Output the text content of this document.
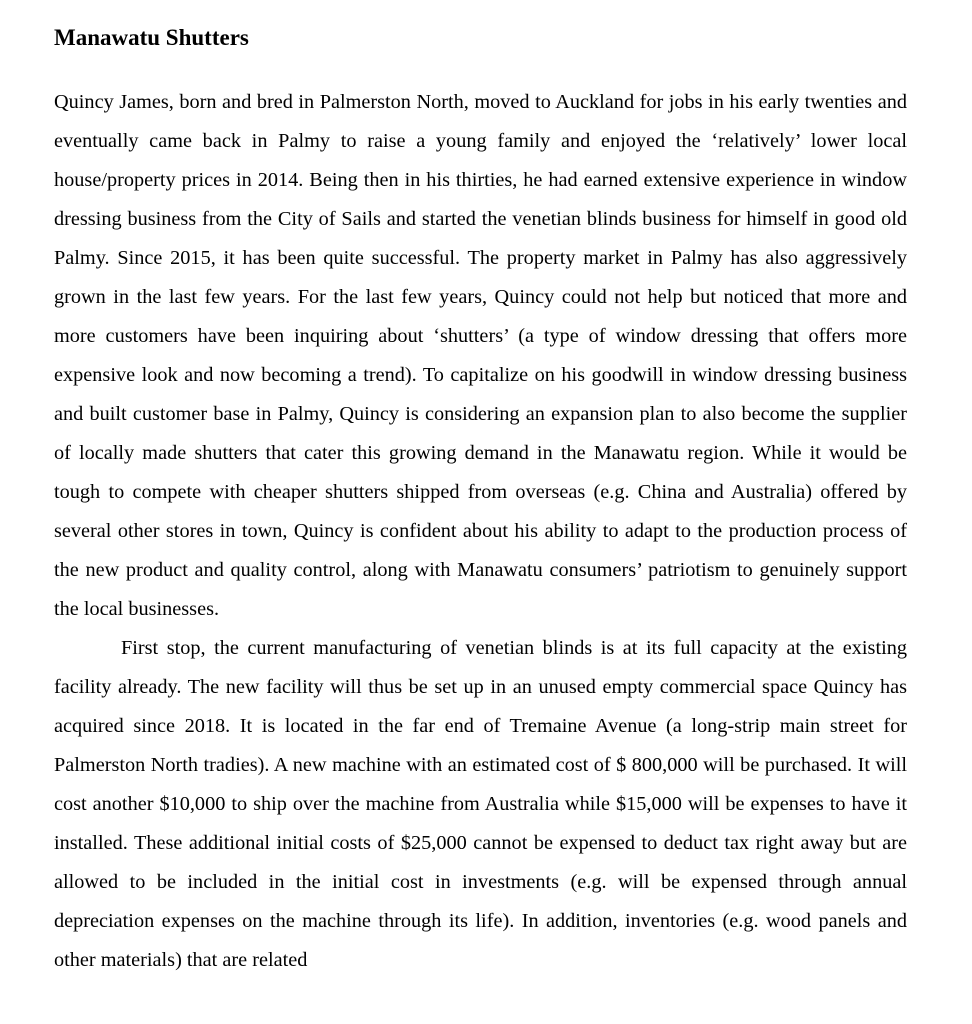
Manawatu Shutters

Quincy James, born and bred in Palmerston North, moved to Auckland for jobs in his early twenties and eventually came back in Palmy to raise a young family and enjoyed the ‘relatively’ lower local house/property prices in 2014. Being then in his thirties, he had earned extensive experience in window dressing business from the City of Sails and started the venetian blinds business for himself in good old Palmy. Since 2015, it has been quite successful. The property market in Palmy has also aggressively grown in the last few years. For the last few years, Quincy could not help but noticed that more and more customers have been inquiring about ‘shutters’ (a type of window dressing that offers more expensive look and now becoming a trend). To capitalize on his goodwill in window dressing business and built customer base in Palmy, Quincy is considering an expansion plan to also become the supplier of locally made shutters that cater this growing demand in the Manawatu region. While it would be tough to compete with cheaper shutters shipped from overseas (e.g. China and Australia) offered by several other stores in town, Quincy is confident about his ability to adapt to the production process of the new product and quality control, along with Manawatu consumers’ patriotism to genuinely support the local businesses.

First stop, the current manufacturing of venetian blinds is at its full capacity at the existing facility already. The new facility will thus be set up in an unused empty commercial space Quincy has acquired since 2018. It is located in the far end of Tremaine Avenue (a long-strip main street for Palmerston North tradies). A new machine with an estimated cost of $ 800,000 will be purchased. It will cost another $10,000 to ship over the machine from Australia while $15,000 will be expenses to have it installed. These additional initial costs of $25,000 cannot be expensed to deduct tax right away but are allowed to be included in the initial cost in investments (e.g. will be expensed through annual depreciation expenses on the machine through its life). In addition, inventories (e.g. wood panels and other materials) that are related
